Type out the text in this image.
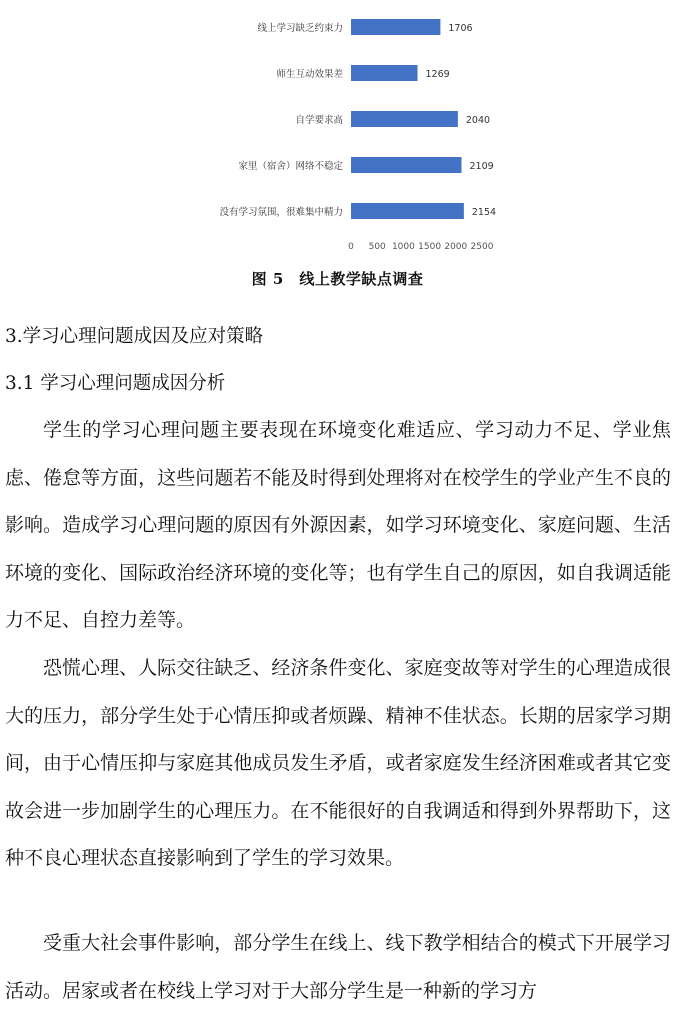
线上学习缺乏约束力
师生互动效果差
自学要求高
家里（宿舍）网络不稳定
没有学习氛围，很难集中精力
1706
1269
2040
2109
2154
0 500 1000 1500 2000 2500
图 5　线上教学缺点调查
3.学习心理问题成因及应对策略
3.1 学习心理问题成因分析

学生的学习心理问题主要表现在环境变化难适应、学习动力不足、学业焦虑、倦怠等方面，这些问题若不能及时得到处理将对在校学生的学业产生不良的影响。造成学习心理问题的原因有外源因素，如学习环境变化、家庭问题、生活环境的变化、国际政治经济环境的变化等；也有学生自己的原因，如自我调适能力不足、自控力差等。

恐慌心理、人际交往缺乏、经济条件变化、家庭变故等对学生的心理造成很大的压力，部分学生处于心情压抑或者烦躁、精神不佳状态。长期的居家学习期间，由于心情压抑与家庭其他成员发生矛盾，或者家庭发生经济困难或者其它变故会进一步加剧学生的心理压力。在不能很好的自我调适和得到外界帮助下，这种不良心理状态直接影响到了学生的学习效果。

受重大社会事件影响，部分学生在线上、线下教学相结合的模式下开展学习活动。居家或者在校线上学习对于大部分学生是一种新的学习方
